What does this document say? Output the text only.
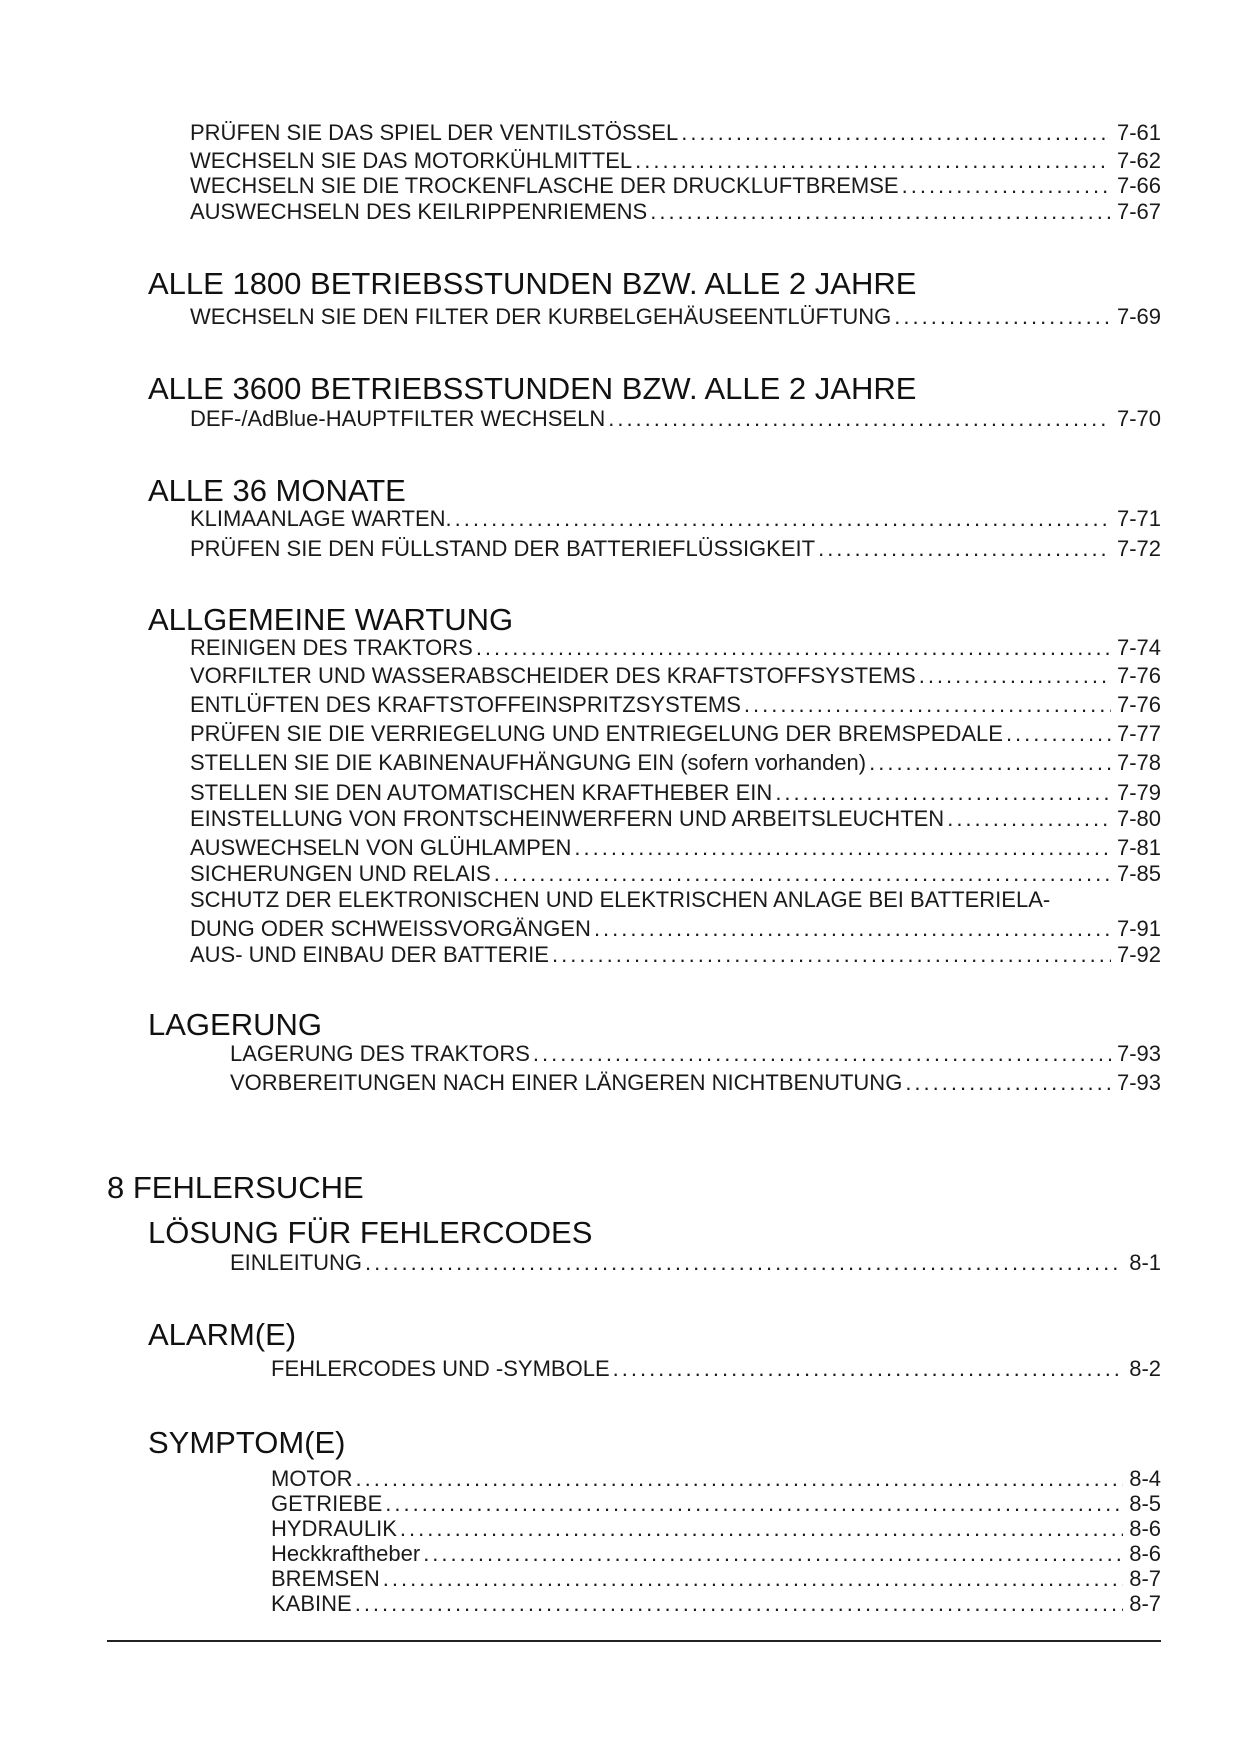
PRÜFEN SIE DAS SPIEL DER VENTILSTÖSSEL .....	7-61
WECHSELN SIE DAS MOTORKÜHLMITTEL .....	7-62
WECHSELN SIE DIE TROCKENFLASCHE DER DRUCKLUFTBREMSE .....	7-66
AUSWECHSELN DES KEILRIPPENRIEMENS .....	7-67
ALLE 1800 BETRIEBSSTUNDEN BZW. ALLE 2 JAHRE
WECHSELN SIE DEN FILTER DER KURBELGEHÄUSEENTLÜFTUNG .....	7-69
ALLE 3600 BETRIEBSSTUNDEN BZW. ALLE 2 JAHRE
DEF-/AdBlue-HAUPTFILTER WECHSELN .....	7-70
ALLE 36 MONATE
KLIMAANLAGE WARTEN. .....	7-71
PRÜFEN SIE DEN FÜLLSTAND DER BATTERIEFLÜSSIGKEIT .....	7-72
ALLGEMEINE WARTUNG
REINIGEN DES TRAKTORS .....	7-74
VORFILTER UND WASSERABSCHEIDER DES KRAFTSTOFFSYSTEMS .....	7-76
ENTLÜFTEN DES KRAFTSTOFFEINSPRITZSYSTEMS .....	7-76
PRÜFEN SIE DIE VERRIEGELUNG UND ENTRIEGELUNG DER BREMSPEDALE .....	7-77
STELLEN SIE DIE KABINENAUFHÄNGUNG EIN (sofern vorhanden) .....	7-78
STELLEN SIE DEN AUTOMATISCHEN KRAFTHEBER EIN .....	7-79
EINSTELLUNG VON FRONTSCHEINWERFERN UND ARBEITSLEUCHTEN .....	7-80
AUSWECHSELN VON GLÜHLAMPEN .....	7-81
SICHERUNGEN UND RELAIS .....	7-85
SCHUTZ DER ELEKTRONISCHEN UND ELEKTRISCHEN ANLAGE BEI BATTERIELA-
DUNG ODER SCHWEISSVORGÄNGEN .....	7-91
AUS- UND EINBAU DER BATTERIE .....	7-92
LAGERUNG
LAGERUNG DES TRAKTORS .....	7-93
VORBEREITUNGEN NACH EINER LÄNGEREN NICHTBENUTUNG .....	7-93
8 FEHLERSUCHE
LÖSUNG FÜR FEHLERCODES
EINLEITUNG .....	8-1
ALARM(E)
FEHLERCODES UND -SYMBOLE .....	8-2
SYMPTOM(E)
MOTOR .....	8-4
GETRIEBE .....	8-5
HYDRAULIK .....	8-6
Heckkraftheber .....	8-6
BREMSEN .....	8-7
KABINE .....	8-7
